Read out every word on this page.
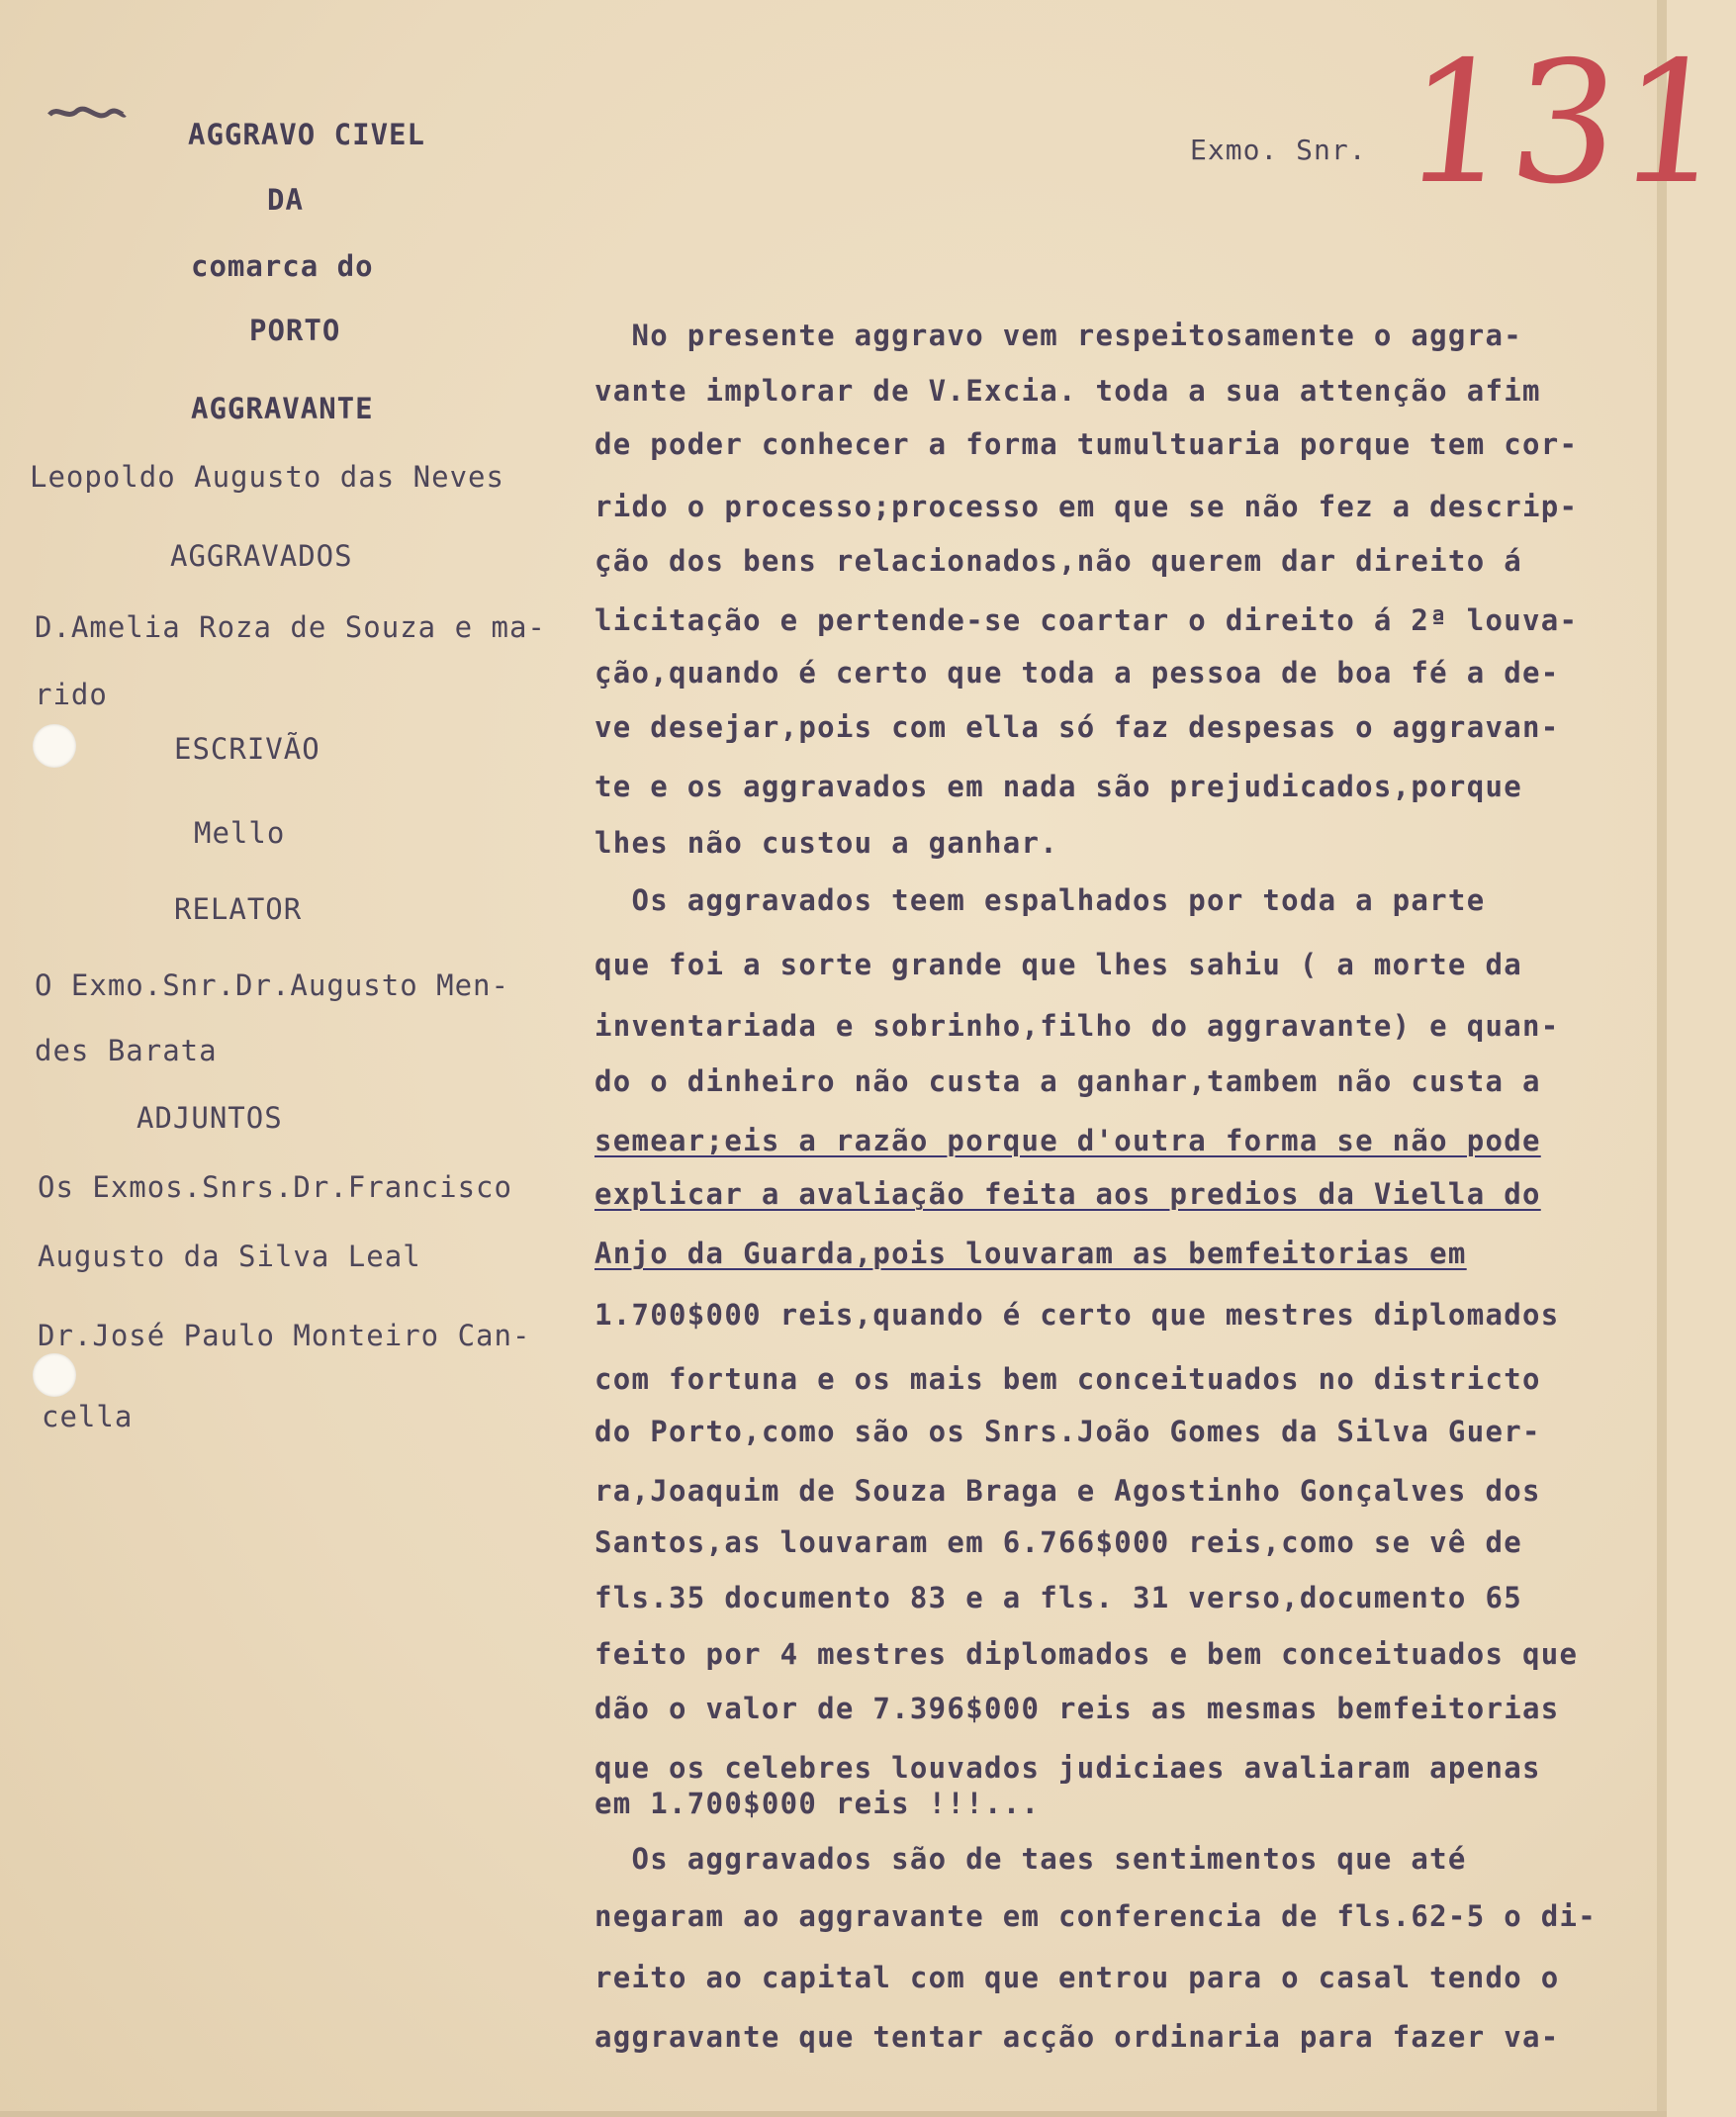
131
Exmo. Snr.
AGGRAVO CIVEL
DA
comarca do
PORTO
AGGRAVANTE
Leopoldo Augusto das Neves
AGGRAVADOS
D.Amelia Roza de Souza e ma-
rido
ESCRIVÃO
Mello
RELATOR
O Exmo.Snr.Dr.Augusto Men-
des Barata
ADJUNTOS
Os Exmos.Snrs.Dr.Francisco
Augusto da Silva Leal
Dr.José Paulo Monteiro Can-
cella
No presente aggravo vem respeitosamente o aggra-
vante implorar de V.Excia. toda a sua attenção afim
de poder conhecer a forma tumultuaria porque tem cor-
rido o processo;processo em que se não fez a descrip-
ção dos bens relacionados,não querem dar direito á
licitação e pertende-se coartar o direito á 2ª louva-
ção,quando é certo que toda a pessoa de boa fé a de-
ve desejar,pois com ella só faz despesas o aggravan-
te e os aggravados em nada são prejudicados,porque
lhes não custou a ganhar.
Os aggravados teem espalhados por toda a parte
que foi a sorte grande que lhes sahiu ( a morte da
inventariada e sobrinho,filho do aggravante) e quan-
do o dinheiro não custa a ganhar,tambem não custa a
semear;eis a razão porque d'outra forma se não pode
explicar a avaliação feita aos predios da Viella do
Anjo da Guarda,pois louvaram as bemfeitorias em
1.700$000 reis,quando é certo que mestres diplomados
com fortuna e os mais bem conceituados no districto
do Porto,como são os Snrs.João Gomes da Silva Guer-
ra,Joaquim de Souza Braga e Agostinho Gonçalves dos
Santos,as louvaram em 6.766$000 reis,como se vê de
fls.35 documento 83 e a fls. 31 verso,documento 65
feito por 4 mestres diplomados e bem conceituados que
dão o valor de 7.396$000 reis as mesmas bemfeitorias
que os celebres louvados judiciaes avaliaram apenas
em 1.700$000 reis !!!...
Os aggravados são de taes sentimentos que até
negaram ao aggravante em conferencia de fls.62-5 o di-
reito ao capital com que entrou para o casal tendo o
aggravante que tentar acção ordinaria para fazer va-
